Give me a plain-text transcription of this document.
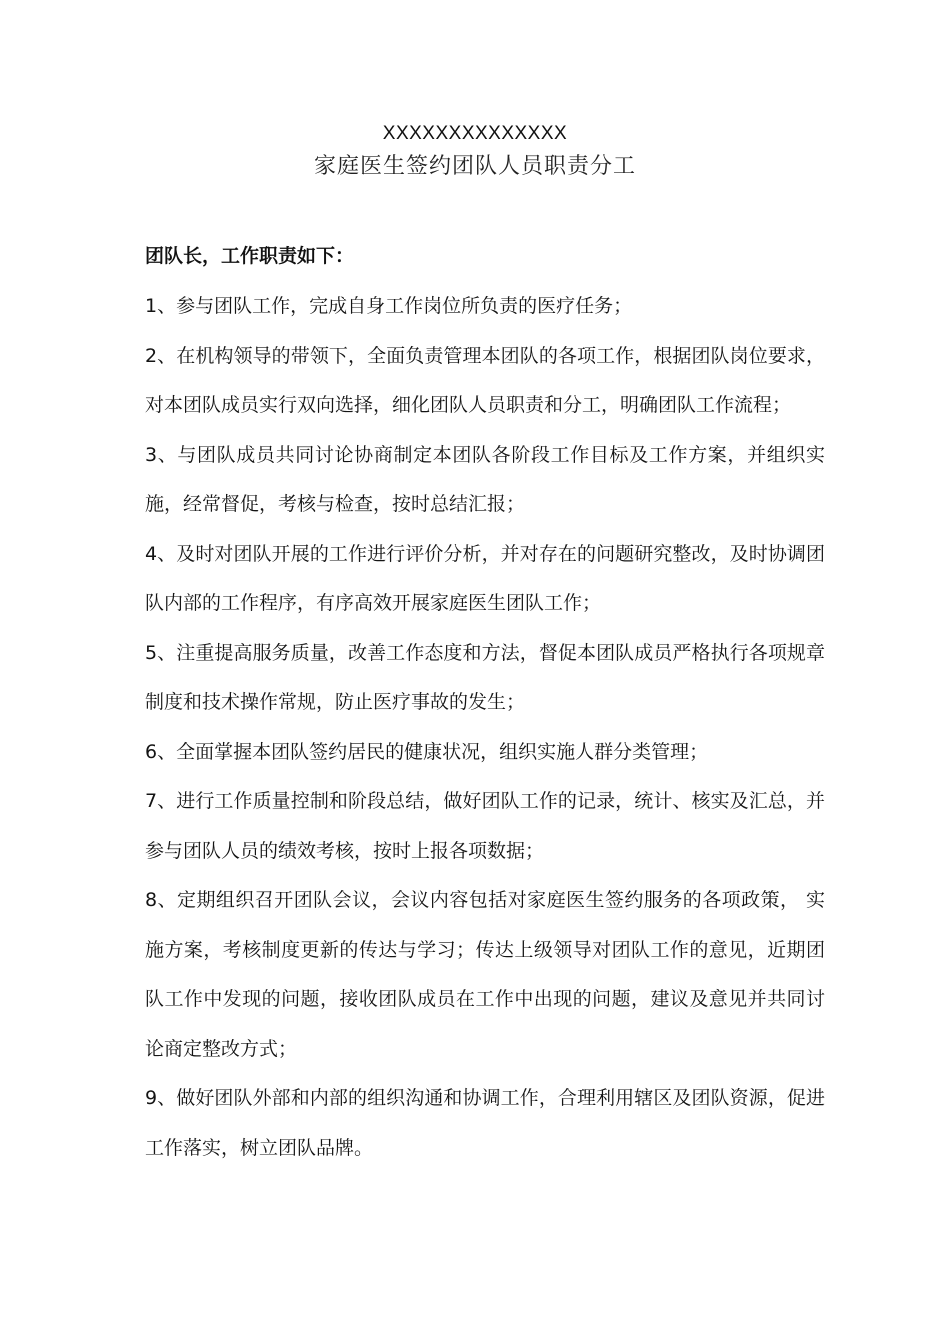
XXXXXXXXXXXXXX
家庭医生签约团队人员职责分工
团队长，工作职责如下：
1、参与团队工作，完成自身工作岗位所负责的医疗任务；
2、在机构领导的带领下，全面负责管理本团队的各项工作，根据团队岗位要求，对本团队成员实行双向选择，细化团队人员职责和分工，明确团队工作流程；
3、与团队成员共同讨论协商制定本团队各阶段工作目标及工作方案，并组织实施，经常督促，考核与检查，按时总结汇报；
4、及时对团队开展的工作进行评价分析，并对存在的问题研究整改，及时协调团队内部的工作程序，有序高效开展家庭医生团队工作；
5、注重提高服务质量，改善工作态度和方法，督促本团队成员严格执行各项规章制度和技术操作常规，防止医疗事故的发生；
6、全面掌握本团队签约居民的健康状况，组织实施人群分类管理；
7、进行工作质量控制和阶段总结，做好团队工作的记录，统计、核实及汇总，并参与团队人员的绩效考核，按时上报各项数据；
8、定期组织召开团队会议，会议内容包括对家庭医生签约服务的各项政策， 实施方案，考核制度更新的传达与学习；传达上级领导对团队工作的意见，近期团队工作中发现的问题，接收团队成员在工作中出现的问题，建议及意见并共同讨论商定整改方式；
9、做好团队外部和内部的组织沟通和协调工作，合理利用辖区及团队资源，促进工作落实，树立团队品牌。
